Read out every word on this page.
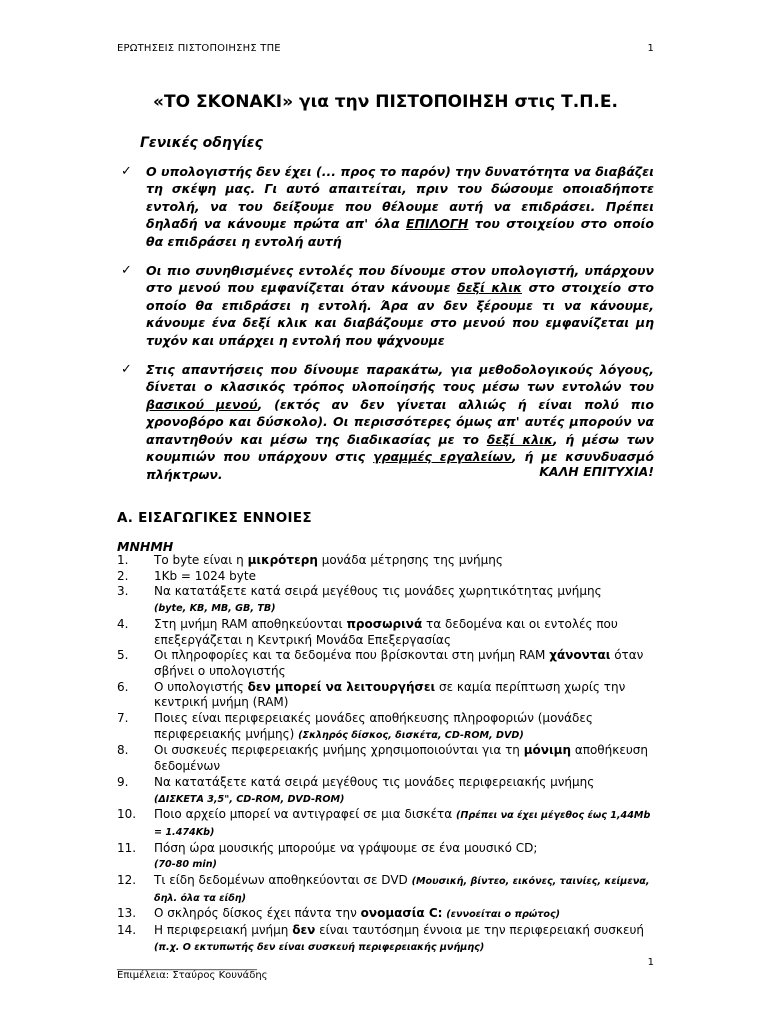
ΕΡΩΤΗΣΕΙΣ ΠΙΣΤΟΠΟΙΗΣΗΣ ΤΠΕ	1
«ΤΟ ΣΚΟΝΑΚΙ» για την ΠΙΣΤΟΠΟΙΗΣΗ στις Τ.Π.Ε.
Γενικές οδηγίες
✓	Ο υπολογιστής δεν έχει (... προς το παρόν) την δυνατότητα να διαβάζει τη σκέψη μας. Γι αυτό απαιτείται, πριν του δώσουμε οποιαδήποτε εντολή, να του δείξουμε που θέλουμε αυτή να επιδράσει. Πρέπει δηλαδή να κάνουμε πρώτα απ' όλα ΕΠΙΛΟΓΗ του στοιχείου στο οποίο θα επιδράσει η εντολή αυτή
✓	Οι πιο συνηθισμένες εντολές που δίνουμε στον υπολογιστή, υπάρχουν στο μενού που εμφανίζεται όταν κάνουμε δεξί κλικ στο στοιχείο στο οποίο θα επιδράσει η εντολή. Άρα αν δεν ξέρουμε τι να κάνουμε, κάνουμε ένα δεξί κλικ και διαβάζουμε στο μενού που εμφανίζεται μη τυχόν και υπάρχει η εντολή που ψάχνουμε
✓	Στις απαντήσεις που δίνουμε παρακάτω, για μεθοδολογικούς λόγους, δίνεται ο κλασικός τρόπος υλοποίησής τους μέσω των εντολών του βασικού μενού, (εκτός αν δεν γίνεται αλλιώς ή είναι πολύ πιο χρονοβόρο και δύσκολο). Οι περισσότερες όμως απ' αυτές μπορούν να απαντηθούν και μέσω της διαδικασίας με το δεξί κλικ, ή μέσω των κουμπιών που υπάρχουν στις γραμμές εργαλείων, ή με κσυνδυασμό πλήκτρων.	ΚΑΛΗ ΕΠΙΤΥΧΙΑ!
Α. ΕΙΣΑΓΩΓΙΚΕΣ ΕΝΝΟΙΕΣ
ΜΝΗΜΗ
1.	Το byte είναι η μικρότερη μονάδα μέτρησης της μνήμης
2.	1Kb = 1024 byte
3.	Να κατατάξετε κατά σειρά μεγέθους τις μονάδες χωρητικότητας μνήμης
(byte, KB, MB, GB, TB)
4.	Στη μνήμη RAM αποθηκεύονται προσωρινά τα δεδομένα και οι εντολές που επεξεργάζεται η Κεντρική Μονάδα Επεξεργασίας
5.	Οι πληροφορίες και τα δεδομένα που βρίσκονται στη μνήμη RAM χάνονται όταν σβήνει ο υπολογιστής
6.	Ο υπολογιστής δεν μπορεί να λειτουργήσει σε καμία περίπτωση χωρίς την κεντρική μνήμη (RAM)
7.	Ποιες είναι περιφερειακές μονάδες αποθήκευσης πληροφοριών (μονάδες περιφερειακής μνήμης) (Σκληρός δίσκος, δισκέτα, CD-ROM, DVD)
8.	Οι συσκευές περιφερειακής μνήμης χρησιμοποιούνται για τη μόνιμη αποθήκευση δεδομένων
9.	Να κατατάξετε κατά σειρά μεγέθους τις μονάδες περιφερειακής μνήμης
(ΔΙΣΚΕΤΑ 3,5", CD-ROM, DVD-ROM)
10.	Ποιο αρχείο μπορεί να αντιγραφεί σε μια δισκέτα (Πρέπει να έχει μέγεθος έως 1,44Mb = 1.474Kb)
11.	Πόση ώρα μουσικής μπορούμε να γράψουμε σε ένα μουσικό CD;
(70-80 min)
12.	Τι είδη δεδομένων αποθηκεύονται σε DVD (Μουσική, βίντεο, εικόνες, ταινίες, κείμενα, δηλ. όλα τα είδη)
13.	Ο σκληρός δίσκος έχει πάντα την ονομασία C: (εννοείται ο πρώτος)
14.	Η περιφερειακή μνήμη δεν είναι ταυτόσημη έννοια με την περιφερειακή συσκευή (π.χ. Ο εκτυπωτής δεν είναι συσκευή περιφερειακής μνήμης)
____________________________	1
Επιμέλεια: Σταύρος Κουνάδης
